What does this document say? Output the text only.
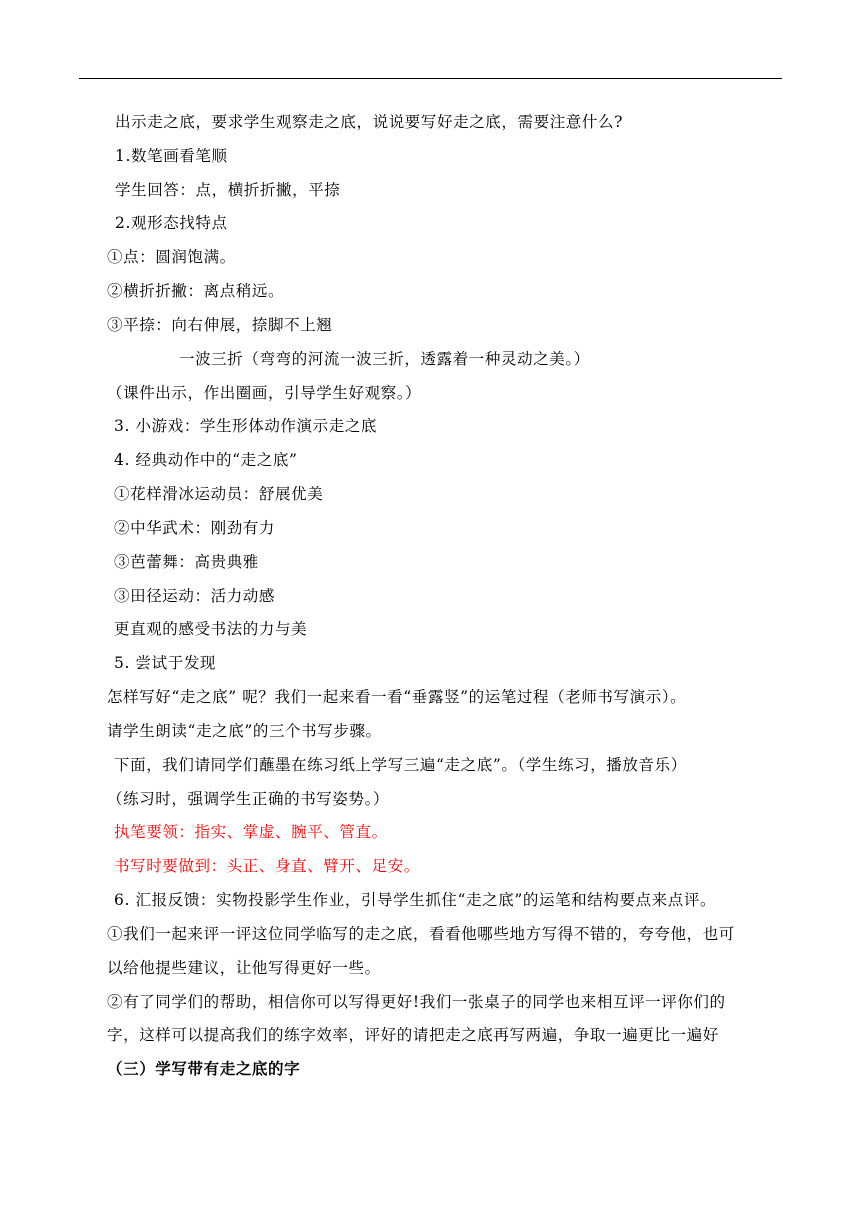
出示走之底，要求学生观察走之底，说说要写好走之底，需要注意什么?
1.数笔画看笔顺
学生回答：点，横折折撇，平捺
2.观形态找特点
①点：圆润饱满。
②横折折撇：离点稍远。
③平捺：向右伸展，捺脚不上翘
一波三折（弯弯的河流一波三折，透露着一种灵动之美。）
（课件出示，作出圈画，引导学生好观察。）
3. 小游戏：学生形体动作演示走之底
4. 经典动作中的“走之底”
①花样滑冰运动员：舒展优美
②中华武术：刚劲有力
③芭蕾舞：高贵典雅
③田径运动：活力动感
更直观的感受书法的力与美
5. 尝试于发现
怎样写好“走之底” 呢？我们一起来看一看“垂露竖”的运笔过程（老师书写演示）。
请学生朗读“走之底”的三个书写步骤。
下面，我们请同学们蘸墨在练习纸上学写三遍“走之底”。（学生练习，播放音乐）
（练习时，强调学生正确的书写姿势。）
执笔要领：指实、掌虚、腕平、管直。
书写时要做到：头正、身直、臂开、足安。
6. 汇报反馈：实物投影学生作业，引导学生抓住“走之底”的运笔和结构要点来点评。
①我们一起来评一评这位同学临写的走之底，看看他哪些地方写得不错的，夸夸他，也可
以给他提些建议，让他写得更好一些。
②有了同学们的帮助，相信你可以写得更好!我们一张桌子的同学也来相互评一评你们的
字，这样可以提高我们的练字效率，评好的请把走之底再写两遍，争取一遍更比一遍好
（三）学写带有走之底的字
